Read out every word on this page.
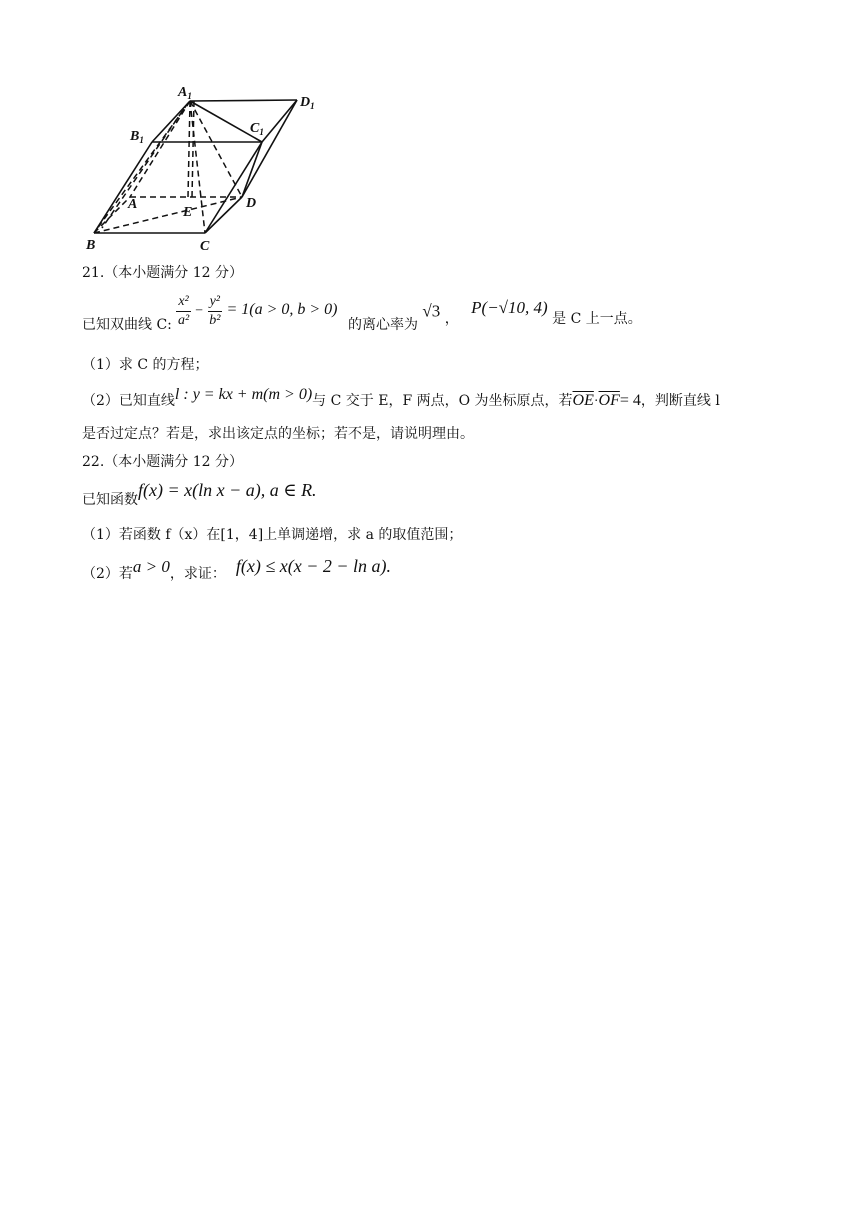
$A_1$	$D_1$
$B_1$
$C_1$
A
E
D
B	C
21.（本小题满分 12 分）
已知双曲线 C: $\frac{\text{x²}}{\text{a²}} - \frac{\text{y²}}{\text{b²}} = 1(a > 0$, b > 0) 的离心率为 √3 ， P(−√10, 4) 是 C 上一点。
（1）求 C 的方程；
（2）已知直线l : y = kx + m(m > 0)与 C 交于 E，F 两点，O 为坐标原点，若$\overline{OE}\cdot\overline{OF}= 4$，判断直线 l
是否过定点？若是，求出该定点的坐标；若不是，请说明理由。
22.（本小题满分 12 分）
已知函数f(x) = x(ln x − a), a ∈ R.
（1）若函数 f（x）在[1，4]上单调递增，求 a 的取值范围；
（2）若a > 0，求证： f(x) ≤ x(x − 2 − ln a).
